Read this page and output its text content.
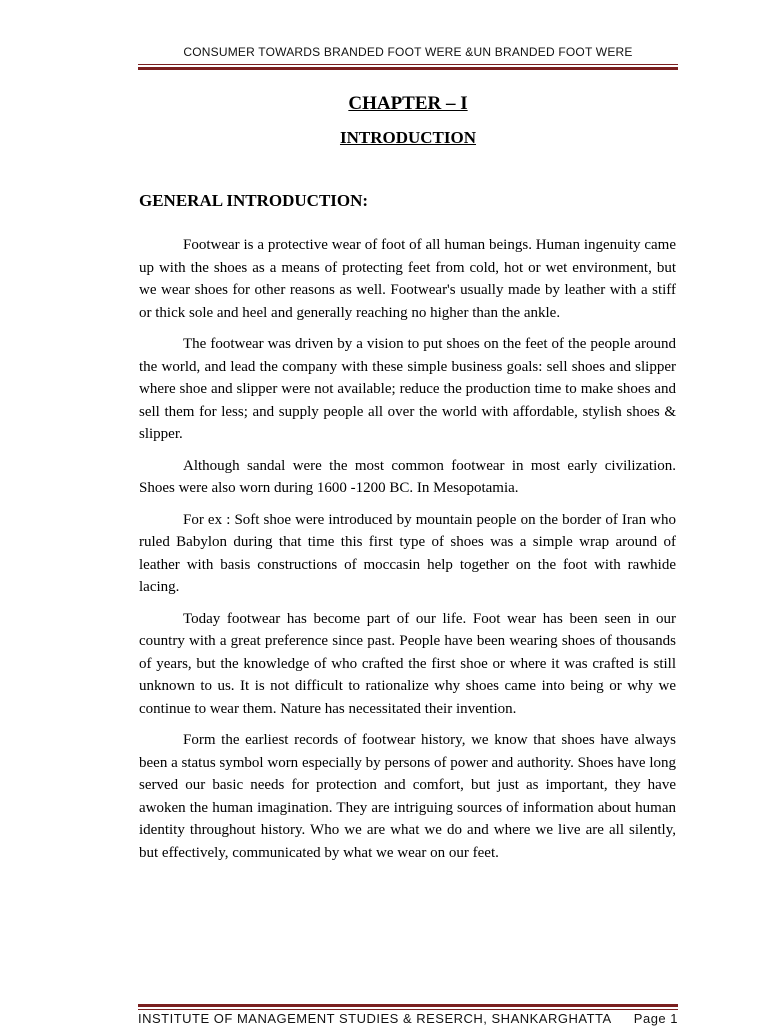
CONSUMER TOWARDS BRANDED FOOT WERE &UN BRANDED FOOT WERE
CHAPTER – I
INTRODUCTION
GENERAL INTRODUCTION:

Footwear is a protective wear of foot of all human beings. Human ingenuity came up with the shoes as a means of protecting feet from cold, hot or wet environment, but we wear shoes for other reasons as well. Footwear's usually made by leather with a stiff or thick sole and heel and generally reaching no higher than the ankle.

The footwear was driven by a vision to put shoes on the feet of the people around the world, and lead the company with these simple business goals: sell shoes and slipper where shoe and slipper were not available; reduce the production time to make shoes and sell them for less; and supply people all over the world with affordable, stylish shoes & slipper.

Although sandal were the most common footwear in most early civilization. Shoes were also worn during 1600 -1200 BC. In Mesopotamia.

For ex : Soft shoe were introduced by mountain people on the border of Iran who ruled Babylon during that time this first type of shoes was a simple wrap around of leather with basis constructions of moccasin help together on the foot with rawhide lacing.

Today footwear has become part of our life. Foot wear has been seen in our country with a great preference since past. People have been wearing shoes of thousands of years, but the knowledge of who crafted the first shoe or where it was crafted is still unknown to us. It is not difficult to rationalize why shoes came into being or why we continue to wear them. Nature has necessitated their invention.

Form the earliest records of footwear history, we know that shoes have always been a status symbol worn especially by persons of power and authority. Shoes have long served our basic needs for protection and comfort, but just as important, they have awoken the human imagination. They are intriguing sources of information about human identity throughout history. Who we are what we do and where we live are all silently, but effectively, communicated by what we wear on our feet.

INSTITUTE OF MANAGEMENT STUDIES & RESERCH, SHANKARGHATTA Page 1
